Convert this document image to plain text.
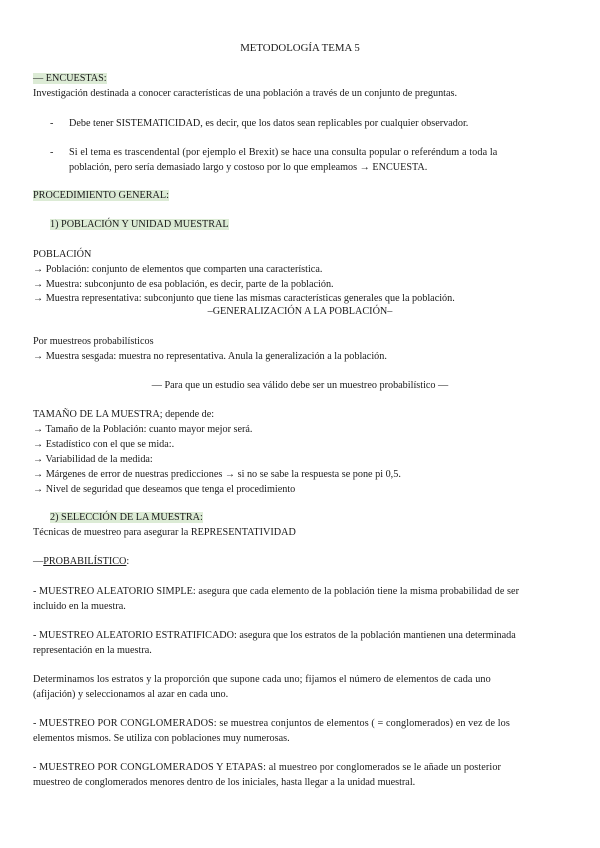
METODOLOGÍA TEMA 5
— ENCUESTAS:
Investigación destinada a conocer características de una población a través de un conjunto de preguntas.
-	Debe tener SISTEMATICIDAD, es decir, que los datos sean replicables por cualquier observador.
-	Si el tema es trascendental (por ejemplo el Brexit) se hace una consulta popular o referéndum a toda la
población, pero sería demasiado largo y costoso por lo que empleamos → ENCUESTA.
PROCEDIMIENTO GENERAL:
1) POBLACIÓN Y UNIDAD MUESTRAL
POBLACIÓN
→ Población: conjunto de elementos que comparten una característica.
→ Muestra: subconjunto de esa población, es decir, parte de la población.
→ Muestra representativa: subconjunto que tiene las mismas características generales que la población.
–GENERALIZACIÓN A LA POBLACIÓN–
Por muestreos probabilísticos
→ Muestra sesgada: muestra no representativa. Anula la generalización a la población.
— Para que un estudio sea válido debe ser un muestreo probabilístico —
TAMAÑO DE LA MUESTRA; depende de:
→ Tamaño de la Población: cuanto mayor mejor será.
→ Estadístico con el que se mida:.
→ Variabilidad de la medida:
→ Márgenes de error de nuestras predicciones → si no se sabe la respuesta se pone pi 0,5.
→ Nivel de seguridad que deseamos que tenga el procedimiento
2) SELECCIÓN DE LA MUESTRA:
Técnicas de muestreo para asegurar la REPRESENTATIVIDAD
—PROBABILÍSTICO:
- MUESTREO ALEATORIO SIMPLE: asegura que cada elemento de la población tiene la misma probabilidad de ser
incluido en la muestra.
- MUESTREO ALEATORIO ESTRATIFICADO: asegura que los estratos de la población mantienen una determinada
representación en la muestra.
Determinamos los estratos y la proporción que supone cada uno; fijamos el número de elementos de cada uno
(afijación) y seleccionamos al azar en cada uno.
- MUESTREO POR CONGLOMERADOS: se muestrea conjuntos de elementos ( = conglomerados) en vez de los
elementos mismos. Se utiliza con poblaciones muy numerosas.
- MUESTREO POR CONGLOMERADOS Y ETAPAS: al muestreo por conglomerados se le añade un posterior
muestreo de conglomerados menores dentro de los iniciales, hasta llegar a la unidad muestral.
